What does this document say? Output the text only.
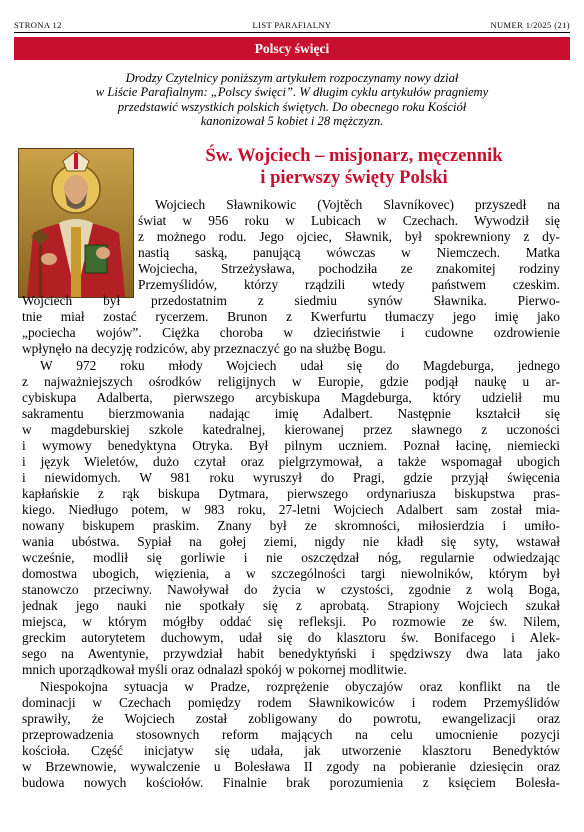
STRONA 12	LIST PARAFIALNY	NUMER 1/2025 (21)
Polscy święci
Drodzy Czytelnicy poniższym artykułem rozpoczynamy nowy dział
w Liście Parafialnym: „Polscy święci”. W długim cyklu artykułów pragniemy
przedstawić wszystkich polskich świętych. Do obecnego roku Kościół
kanonizował 5 kobiet i 28 mężczyzn.
Św. Wojciech – misjonarz, męczennik
i pierwszy święty Polski
Wojciech Sławnikowic (Vojtěch Slavníkovec) przyszedł na
świat w 956 roku w Lubicach w Czechach. Wywodził się
z możnego rodu. Jego ojciec, Sławnik, był spokrewniony z dy-
nastią saską, panującą wówczas w Niemczech. Matka
Wojciecha, Strzeżysława, pochodziła ze znakomitej rodziny
Przemyślidów, którzy rządzili wtedy państwem czeskim.
Wojciech był przedostatnim z siedmiu synów Sławnika. Pierwo-
tnie miał zostać rycerzem. Brunon z Kwerfurtu tłumaczy jego imię jako
„pociecha wojów”. Ciężka choroba w dzieciństwie i cudowne ozdrowienie
wpłynęło na decyzję rodziców, aby przeznaczyć go na służbę Bogu.
W 972 roku młody Wojciech udał się do Magdeburga, jednego
z najważniejszych ośrodków religijnych w Europie, gdzie podjął naukę u ar-
cybiskupa Adalberta, pierwszego arcybiskupa Magdeburga, który udzielił mu
sakramentu bierzmowania nadając imię Adalbert. Następnie kształcił się
w magdeburskiej szkole katedralnej, kierowanej przez sławnego z uczoności
i wymowy benedyktyna Otryka. Był pilnym uczniem. Poznał łacinę, niemiecki
i język Wieletów, dużo czytał oraz pielgrzymował, a także wspomagał ubogich
i niewidomych. W 981 roku wyruszył do Pragi, gdzie przyjął święcenia
kapłańskie z rąk biskupa Dytmara, pierwszego ordynariusza biskupstwa pras-
kiego. Niedługo potem, w 983 roku, 27-letni Wojciech Adalbert sam został mia-
nowany biskupem praskim. Znany był ze skromności, miłosierdzia i umiło-
wania ubóstwa. Sypiał na gołej ziemi, nigdy nie kładł się syty, wstawał
wcześnie, modlił się gorliwie i nie oszczędzał nóg, regularnie odwiedzając
domostwa ubogich, więzienia, a w szczególności targi niewolników, którym był
stanowczo przeciwny. Nawoływał do życia w czystości, zgodnie z wolą Boga,
jednak jego nauki nie spotkały się z aprobatą. Strapiony Wojciech szukał
miejsca, w którym mógłby oddać się refleksji. Po rozmowie ze św. Nilem,
greckim autorytetem duchowym, udał się do klasztoru św. Bonifacego i Alek-
sego na Awentynie, przywdział habit benedyktyński i spędziwszy dwa lata jako
mnich uporządkował myśli oraz odnalazł spokój w pokornej modlitwie.
Niespokojna sytuacja w Pradze, rozprężenie obyczajów oraz konflikt na tle
dominacji w Czechach pomiędzy rodem Sławnikowiców i rodem Przemyślidów
sprawiły, że Wojciech został zobligowany do powrotu, ewangelizacji oraz
przeprowadzenia stosownych reform mających na celu umocnienie pozycji
kościoła. Część inicjatyw się udała, jak utworzenie klasztoru Benedyktów
w Brzewnowie, wywalczenie u Bolesława II zgody na pobieranie dziesięcin oraz
budowa nowych kościołów. Finalnie brak porozumienia z księciem Bolesła-
